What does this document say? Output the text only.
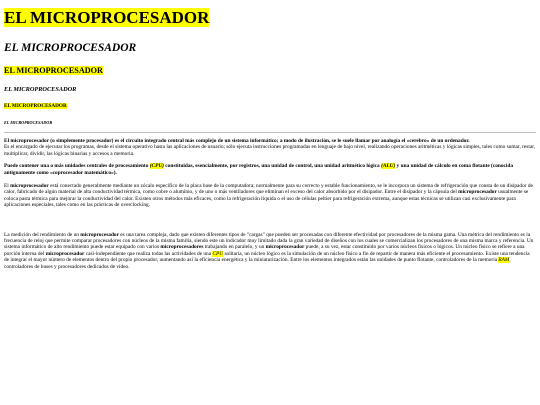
EL MICROPROCESADOR
EL MICROPROCESADOR
EL MICROPROCESADOR
EL MICROPROCESADOR
EL MICROPROCESADOR
EL MICROPROCESADOR

El microprocesador (o simplemente procesador) es el circuito integrado central más complejo de un sistema informático; a modo de ilustración, se le suele llamar por analogía el «cerebro» de un ordenador.
Es el encargado de ejecutar los programas, desde el sistema operativo hasta las aplicaciones de usuario; sólo ejecuta instrucciones programadas en lenguaje de bajo nivel, realizando operaciones aritméticas y lógicas simples, tales como sumar, restar, multiplicar, dividir, las lógicas binarias y accesos a memoria.

Puede contener una o más unidades centrales de procesamiento (CPU) constituidas, esencialmente, por registros, una unidad de control, una unidad aritmético lógica (ALU) y una unidad de cálculo en coma flotante (conocida antiguamente como «coprocesador matemático»).

El microprocesador está conectado generalmente mediante un zócalo específico de la placa base de la computadora; normalmente para su correcto y estable funcionamiento, se le incorpora un sistema de refrigeración que consta de un disipador de calor, fabricado de algún material de alta conductividad térmica, como cobre o aluminio, y de uno o más ventiladores que eliminan el exceso del calor absorbido por el disipador. Entre el disipador y la cápsula del microprocesador usualmente se coloca pasta térmica para mejorar la conductividad del calor. Existen otros métodos más eficaces, como la refrigeración líquida o el uso de células peltier para refrigeración extrema, aunque estas técnicas se utilizan casi exclusivamente para aplicaciones especiales, tales como en las prácticas de overclocking.

La medición del rendimiento de un microprocesador es una tarea compleja, dado que existen diferentes tipos de "cargas" que pueden ser procesadas con diferente efectividad por procesadores de la misma gama. Una métrica del rendimiento es la frecuencia de reloj que permite comparar procesadores con núcleos de la misma familia, siendo este un indicador muy limitado dada la gran variedad de diseños con los cuales se comercializan los procesadores de una misma marca y referencia. Un sistema informático de alto rendimiento puede estar equipado con varios microprocesadores trabajando en paralelo, y un microprocesador puede, a su vez, estar constituido por varios núcleos físicos o lógicos. Un núcleo físico se refiere a una porción interna del microprocesador casi-independiente que realiza todas las actividades de una CPU solitaria, un núcleo lógico es la simulación de un núcleo físico a fin de repartir de manera más eficiente el procesamiento. Existe una tendencia de integrar el mayor número de elementos dentro del propio procesador, aumentando así la eficiencia energética y la miniaturización. Entre los elementos integrados están las unidades de punto flotante, controladores de la memoria RAM, controladores de buses y procesadores dedicados de vídeo.
